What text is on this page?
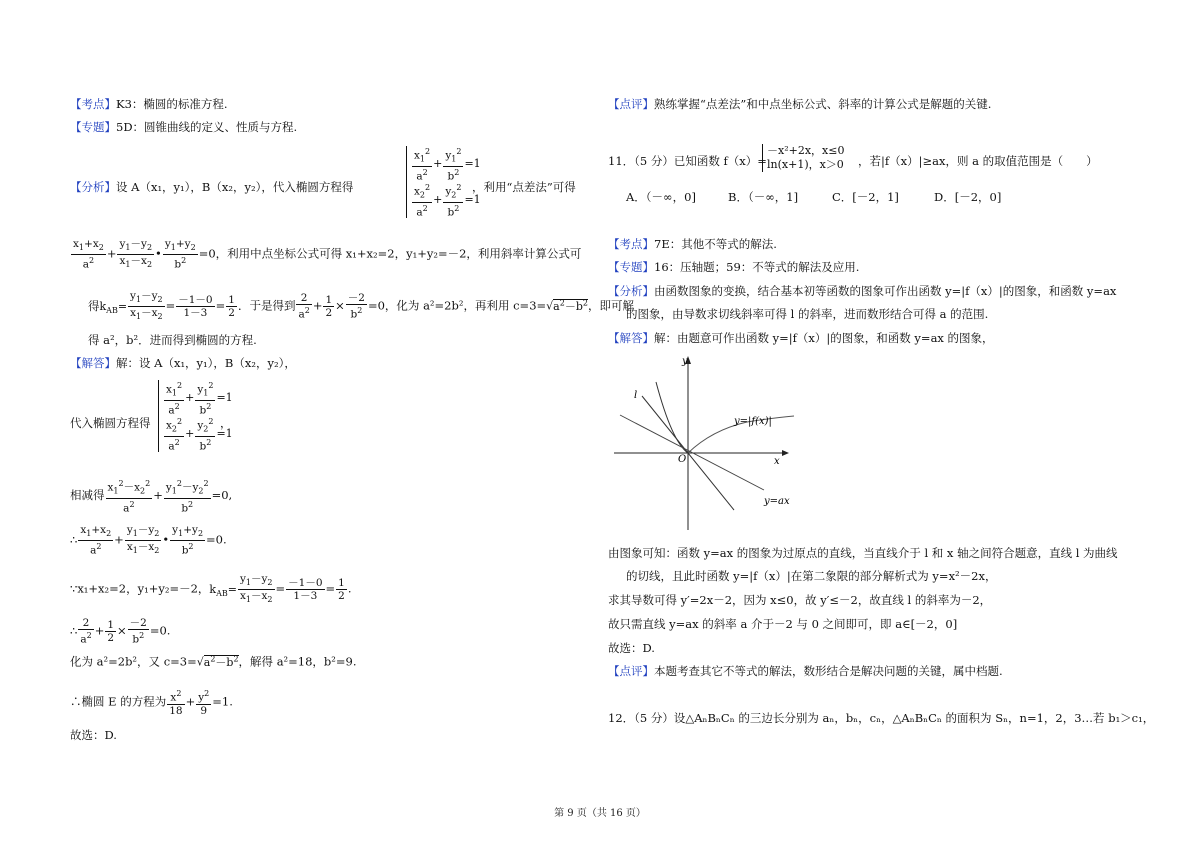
【考点】K3：椭圆的标准方程.
【专题】5D：圆锥曲线的定义、性质与方程.
【分析】设 A（x₁，y₁），B（x₂，y₂），代入椭圆方程得
$\frac{x_1^2}{a^2} + \frac{y_1^2}{b^2} =1$
$\frac{x_2^2}{a^2} + \frac{y_2^2}{b^2} =1$
，利用“点差法”可得
$\frac{x_1+x_2}{a^2} + \frac{y_1-y_2}{x_1-x_2}$ • $\frac{y_1+y_2}{b^2} =0$，利用中点坐标公式可得 x₁+x₂=2，y₁+y₂=－2，利用斜率计算公式可
得$k_{AB}= \frac{y_1-y_2}{x_1-x_2} = \frac{-1-0}{1-3} = \frac{1}{2}$ ．于是得到 $\frac{2}{a^2} + \frac{1}{2} \times \frac{-2}{b^2} =0$，化为 a²=2b²，再利用 $c=3=√a^2-b^2$，即可解
得 a²，b²．进而得到椭圆的方程.
【解答】解：设 A（x₁，y₁），B（x₂，y₂），
代入椭圆方程得
$\frac{x_1^2}{a^2} + \frac{y_1^2}{b^2} =1$
$\frac{x_2^2}{a^2} + \frac{y_2^2}{b^2} =1$
，
相减得 $\frac{x_1^2-x_2^2}{a^2} + \frac{y_1^2-y_2^2}{b^2} =0$,
∴ $\frac{x_1+x_2}{a^2} + \frac{y_1-y_2}{x_1-x_2}$ • $\frac{y_1+y_2}{b^2} =0$.
∵x₁+x₂=2，y₁+y₂=－2，$k_{AB}= \frac{y_1-y_2}{x_1-x_2} = \frac{-1-0}{1-3} = \frac{1}{2}$ .
∴ $\frac{2}{a^2} + \frac{1}{2} \times \frac{-2}{b^2} =0$.
化为 a²=2b²，又 $c=3=√a^2-b^2$，解得 a²=18，b²=9.
∴椭圆 E 的方程为 $\frac{x^2}{18} + \frac{y^2}{9} =1$.
故选：D.
【点评】熟练掌握“点差法”和中点坐标公式、斜率的计算公式是解题的关键.
11．（5 分）已知函数 f（x）=
－x²+2x，x≤0
ln(x+1)，x＞0 ，若|f（x）|≥ax，则 a 的取值范围是（　　）
A．（－∞，0]	B．（－∞，1]	C．[－2，1]	D．[－2，0]
【考点】7E：其他不等式的解法.
【专题】16：压轴题；59：不等式的解法及应用.
【分析】由函数图象的变换，结合基本初等函数的图象可作出函数 y=|f（x）|的图象，和函数 y=ax
的图象，由导数求切线斜率可得 l 的斜率，进而数形结合可得 a 的范围.
【解答】解：由题意可作出函数 y=|f（x）|的图象，和函数 y=ax 的图象，
y
x
O
l
y=|f(x)|
y=ax
由图象可知：函数 y=ax 的图象为过原点的直线，当直线介于 l 和 x 轴之间符合题意，直线 l 为曲线
的切线，且此时函数 y=|f（x）|在第二象限的部分解析式为 y=x²－2x，
求其导数可得 y′=2x－2，因为 x≤0，故 y′≤－2，故直线 l 的斜率为－2，
故只需直线 y=ax 的斜率 a 介于－2 与 0 之间即可，即 a∈[－2，0]
故选：D.
【点评】本题考查其它不等式的解法，数形结合是解决问题的关键，属中档题.
12．（5 分）设△AₙBₙCₙ 的三边长分别为 aₙ，bₙ，cₙ，△AₙBₙCₙ 的面积为 Sₙ，n=1，2，3…若 b₁＞c₁，
第 9 页（共 16 页）
